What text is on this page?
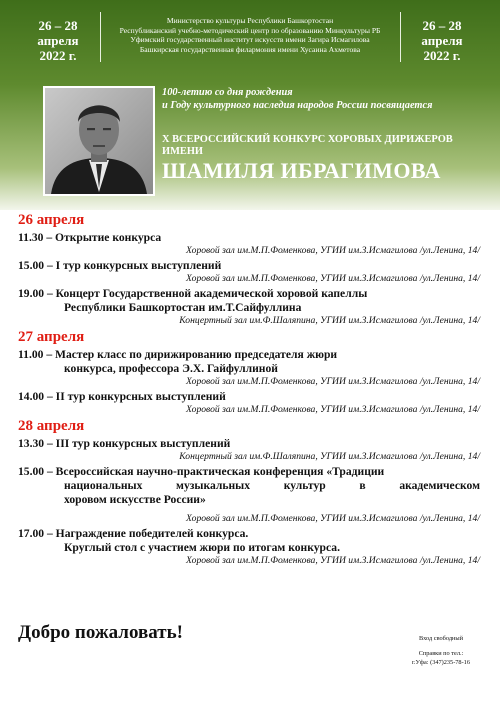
26 – 28
апреля
2022 г.
Министерство культуры Республики Башкортостан
Республиканский учебно-методический центр по образованию Минкультуры РБ
Уфимский государственный институт искусств имени Загира Исмагилова
Башкирская государственная филармония имени Хусаина Ахметова
26 – 28
апреля
2022 г.
100-летию со дня рождения
и Году культурного наследия народов России посвящается
X ВСЕРОССИЙСКИЙ КОНКУРС ХОРОВЫХ ДИРИЖЕРОВ
ИМЕНИ
ШАМИЛЯ ИБРАГИМОВА
26 апреля
11.30 – Открытие конкурса
Хоровой зал им.М.П.Фоменкова, УГИИ им.З.Исмагилова /ул.Ленина, 14/
15.00 – I тур конкурсных выступлений
Хоровой зал им.М.П.Фоменкова, УГИИ им.З.Исмагилова /ул.Ленина, 14/
19.00 – Концерт Государственной академической хоровой капеллы
Республики Башкортостан им.Т.Сайфуллина
Концертный зал им.Ф.Шаляпина, УГИИ им.З.Исмагилова /ул.Ленина, 14/
27 апреля
11.00 – Мастер класс по дирижированию председателя жюри
конкурса, профессора Э.Х. Гайфуллиной
Хоровой зал им.М.П.Фоменкова, УГИИ им.З.Исмагилова /ул.Ленина, 14/
14.00 – II тур конкурсных выступлений
Хоровой зал им.М.П.Фоменкова, УГИИ им.З.Исмагилова /ул.Ленина, 14/
28 апреля
13.30 – III тур конкурсных выступлений
Концертный зал им.Ф.Шаляпина, УГИИ им.З.Исмагилова /ул.Ленина, 14/
15.00 – Всероссийская научно-практическая конференция «Традиции
национальных музыкальных культур в академическом
хоровом искусстве России»
Хоровой зал им.М.П.Фоменкова, УГИИ им.З.Исмагилова /ул.Ленина, 14/
17.00 – Награждение победителей конкурса.
Круглый стол с участием жюри по итогам конкурса.
Хоровой зал им.М.П.Фоменкова, УГИИ им.З.Исмагилова /ул.Ленина, 14/
Добро пожаловать!	Вход свободный
Справки по тел.:
г.Уфа: (347)235-78-16
